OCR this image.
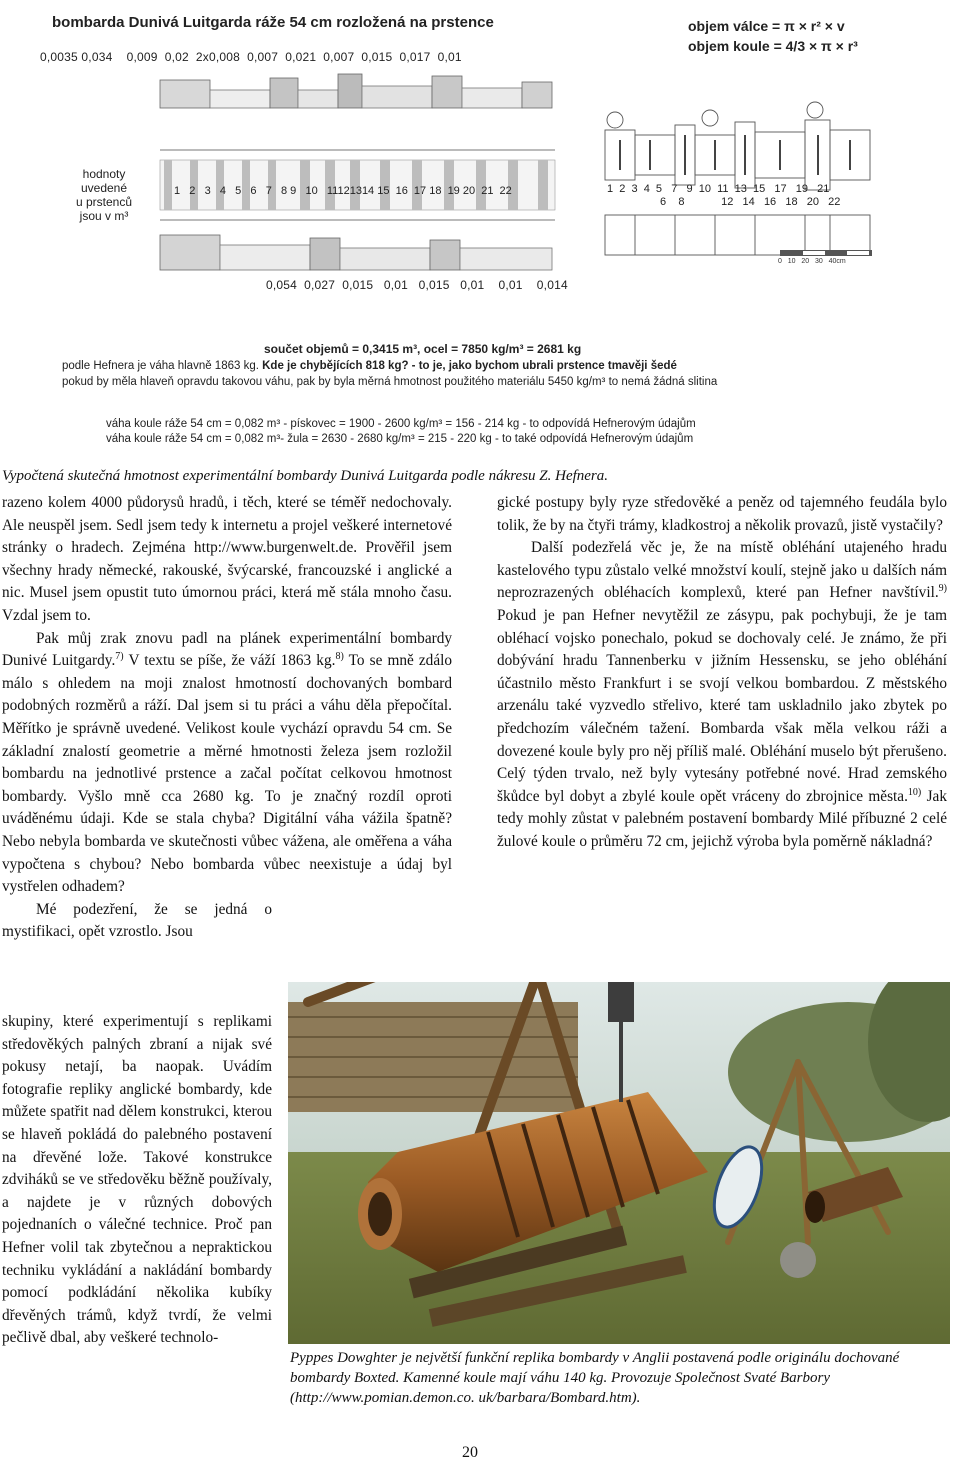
bombarda Dunivá Luitgarda ráže 54 cm rozložená na prstence	objem válce = π × r² × v
objem koule = 4/3 × π × r³
0,0035 0,034    0,009  0,02  2x0,008  0,007  0,021  0,007  0,015  0,017  0,01
hodnoty uvedené
u prstenců
jsou v m³
1   2   3   4   5   6   7   8 9   10   11121314 15  16  17 18  19 20  21  22	1  2  3  4  5   7   9  10  11  13  15   17   19   21
6    8            12   14   16   18   20   22
0   10   20   30   40cm
0,054  0,027  0,015   0,01   0,015   0,01    0,01    0,014
součet objemů = 0,3415 m³, ocel = 7850 kg/m³ = 2681 kg
podle Hefnera je váha hlavně 1863 kg. Kde je chybějících 818 kg? - to je, jako bychom ubrali prstence tmavěji šedé
pokud by měla hlaveň opravdu takovou váhu, pak by byla měrná hmotnost použitého materiálu 5450 kg/m³ to nemá žádná slitina
váha koule ráže 54 cm = 0,082 m³ - pískovec = 1900 - 2600 kg/m³ = 156 - 214 kg - to odpovídá Hefnerovým údajům
váha koule ráže 54 cm = 0,082 m³- žula = 2630 - 2680 kg/m³ = 215 - 220 kg - to také odpovídá Hefnerovým údajům
Vypočtená skutečná hmotnost experimentální bombardy Dunivá Luitgarda podle nákresu Z. Hefnera.

razeno kolem 4000 půdorysů hradů, i těch, které se téměř nedochovaly. Ale neuspěl jsem. Sedl jsem tedy k internetu a projel veškeré internetové stránky o hradech. Zejména http://www.burgenwelt.de. Prověřil jsem všechny hrady německé, rakouské, švýcarské, francouzské i anglické a nic. Musel jsem opustit tuto úmornou práci, která mě stála mnoho času. Vzdal jsem to.

Pak můj zrak znovu padl na plánek experimentální bombardy Dunivé Luitgardy.$^{7)}$ V textu se píše, že váží 1863 kg.$^{8)}$ To se mně zdálo málo s ohledem na moji znalost hmotností dochovaných bombard podobných rozměrů a ráží. Dal jsem si tu práci a váhu děla přepočítal. Měřítko je správně uvedené. Velikost koule vychází opravdu 54 cm. Se základní znalostí geometrie a měrné hmotnosti železa jsem rozložil bombardu na jednotlivé prstence a začal počítat celkovou hmotnost bombardy. Vyšlo mně cca 2680 kg. To je značný rozdíl oproti uváděnému údaji. Kde se stala chyba? Digitální váha vážila špatně? Nebo nebyla bombarda ve skutečnosti vůbec vážena, ale oměřena a váha vypočtena s chybou? Nebo bombarda vůbec neexistuje a údaj byl vystřelen odhadem?

Mé podezření, že se jedná o mystifikaci, opět vzrostlo. Jsou

skupiny, které experimentují s replikami středověkých palných zbraní a nijak své pokusy netají, ba naopak. Uvádím fotografie repliky anglické bombardy, kde můžete spatřit nad dělem konstrukci, kterou se hlaveň pokládá do palebného postavení na dřevěné lože. Takové konstrukce zdviháků se ve středověku běžně používaly, a najdete je v různých dobových pojednaních o válečné technice. Proč pan Hefner volil tak zbytečnou a nepraktickou techniku vykládání a nakládání bombardy pomocí podkládání několika kubíky dřevěných trámů, když tvrdí, že velmi pečlivě dbal, aby veškeré technolo-

gické postupy byly ryze středověké a peněz od tajemného feudála bylo tolik, že by na čtyři trámy, kladkostroj a několik provazů, jistě vystačily?

Další podezřelá věc je, že na místě obléhání utajeného hradu kastelového typu zůstalo velké množství koulí, stejně jako u dalších nám neprozrazených obléhacích komplexů, které pan Hefner navštívil.$^{9)}$ Pokud je pan Hefner nevytěžil ze zásypu, pak pochybuji, že je tam obléhací vojsko ponechalo, pokud se dochovaly celé. Je známo, že při dobývání hradu Tannenberku v jižním Hessensku, se jeho obléhání účastnilo město Frankfurt i se svojí velkou bombardou. Z městského arzenálu také vyzvedlo střelivo, které tam uskladnilo jako zbytek po předchozím válečném tažení. Bombarda však měla velkou ráži a dovezené koule byly pro něj příliš malé. Obléhání muselo být přerušeno. Celý týden trvalo, než byly vytesány potřebné nové. Hrad zemského škůdce byl dobyt a zbylé koule opět vráceny do zbrojnice města.$^{10)}$ Jak tedy mohly zůstat v palebném postavení bombardy Milé příbuzné 2 celé žulové koule o průměru 72 cm, jejichž výroba byla poměrně nákladná?

Pyppes Dowghter je největší funkční replika bombardy v Anglii postavená podle originálu dochované bombardy Boxted. Kamenné koule mají váhu 140 kg. Provozuje Společnost Svaté Barbory (http://www.pomian.demon.co. uk/barbara/Bombard.htm).
20
